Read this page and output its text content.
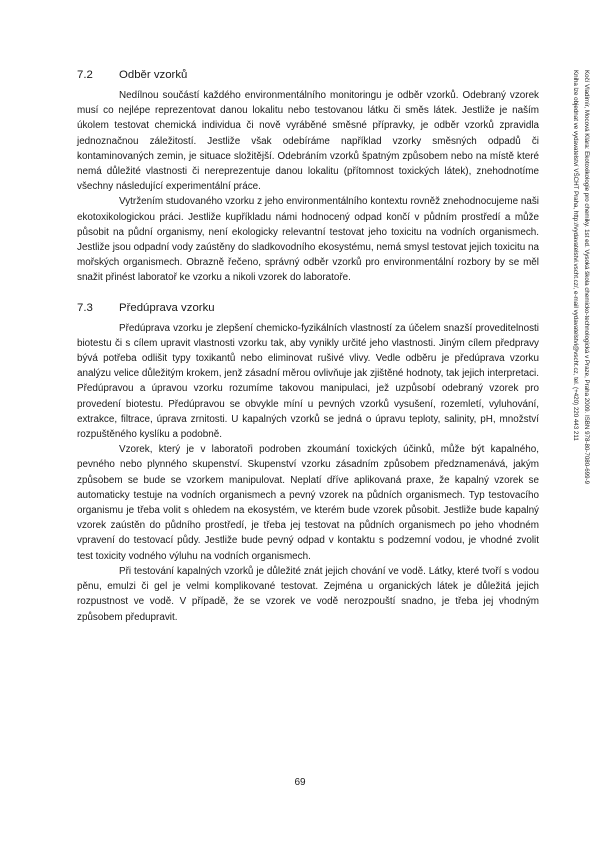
7.2	Odběr vzorků

Nedílnou součástí každého environmentálního monitoringu je odběr vzorků. Odebraný vzorek musí co nejlépe reprezentovat danou lokalitu nebo testovanou látku či směs látek. Jestliže je naším úkolem testovat chemická individua či nově vyráběné směsné přípravky, je odběr vzorků zpravidla jednoznačnou záležitostí. Jestliže však odebíráme například vzorky směsných odpadů či kontaminovaných zemin, je situace složitější. Odebráním vzorků špatným způsobem nebo na místě které nemá důležité vlastnosti či nereprezentuje danou lokalitu (přítomnost toxických látek), znehodnotíme všechny následující experimentální práce.

Vytržením studovaného vzorku z jeho environmentálního kontextu rovněž znehodnocujeme naši ekotoxikologickou práci. Jestliže kupříkladu námi hodnocený odpad končí v půdním prostředí a může působit na půdní organismy, není ekologicky relevantní testovat jeho toxicitu na vodních organismech. Jestliže jsou odpadní vody zaústěny do sladkovodního ekosystému, nemá smysl testovat jejich toxicitu na mořských organismech. Obrazně řečeno, správný odběr vzorků pro environmentální rozbory by se měl snažit přinést laboratoř ke vzorku a nikoli vzorek do laboratoře.

7.3	Předúprava vzorku

Předúprava vzorku je zlepšení chemicko-fyzikálních vlastností za účelem snazší proveditelnosti biotestu či s cílem upravit vlastnosti vzorku tak, aby vynikly určité jeho vlastnosti. Jiným cílem předpravy bývá potřeba odlišit typy toxikantů nebo eliminovat rušivé vlivy. Vedle odběru je předúprava vzorku analýzu velice důležitým krokem, jenž zásadní měrou ovlivňuje jak zjištěné hodnoty, tak jejich interpretaci. Předúpravou a úpravou vzorku rozumíme takovou manipulaci, jež uzpůsobí odebraný vzorek pro provedení biotestu. Předúpravou se obvykle míní u pevných vzorků vysušení, rozemletí, vyluhování, extrakce, filtrace, úprava zrnitosti. U kapalných vzorků se jedná o úpravu teploty, salinity, pH, množství rozpuštěného kyslíku a podobně.

Vzorek, který je v laboratoři podroben zkoumání toxických účinků, může být kapalného, pevného nebo plynného skupenství. Skupenství vzorku zásadním způsobem předznamenává, jakým způsobem se bude se vzorkem manipulovat. Neplatí dříve aplikovaná praxe, že kapalný vzorek se automaticky testuje na vodních organismech a pevný vzorek na půdních organismech. Typ testovacího organismu je třeba volit s ohledem na ekosystém, ve kterém bude vzorek působit. Jestliže bude kapalný vzorek zaústěn do půdního prostředí, je třeba jej testovat na půdních organismech po jeho vhodném vpravení do testovací půdy. Jestliže bude pevný odpad v kontaktu s podzemní vodou, je vhodné zvolit test toxicity vodného výluhu na vodních organismech.

Při testování kapalných vzorků je důležité znát jejich chování ve vodě. Látky, které tvoří s vodou pěnu, emulzi či gel je velmi komplikované testovat. Zejména u organických látek je důležitá jejich rozpustnost ve vodě. V případě, že se vzorek ve vodě nerozpouští snadno, je třeba jej vhodným způsobem předupravit.

Kočí Vladimír, Mocová Klára: Ekotoxikologie pro chemiky. 1st ed. Vysoká škola chemicko-technologická v Praze, Praha 2009. ISBN 978-80-7080-699-9
Kniha lze objednat ve vydavatelství VŠCHT Praha, http://vydavatelstvi.vscht.cz/, e-mail vydavatelstvi@vscht.cz, tel. (+420) 220 443 211
69
